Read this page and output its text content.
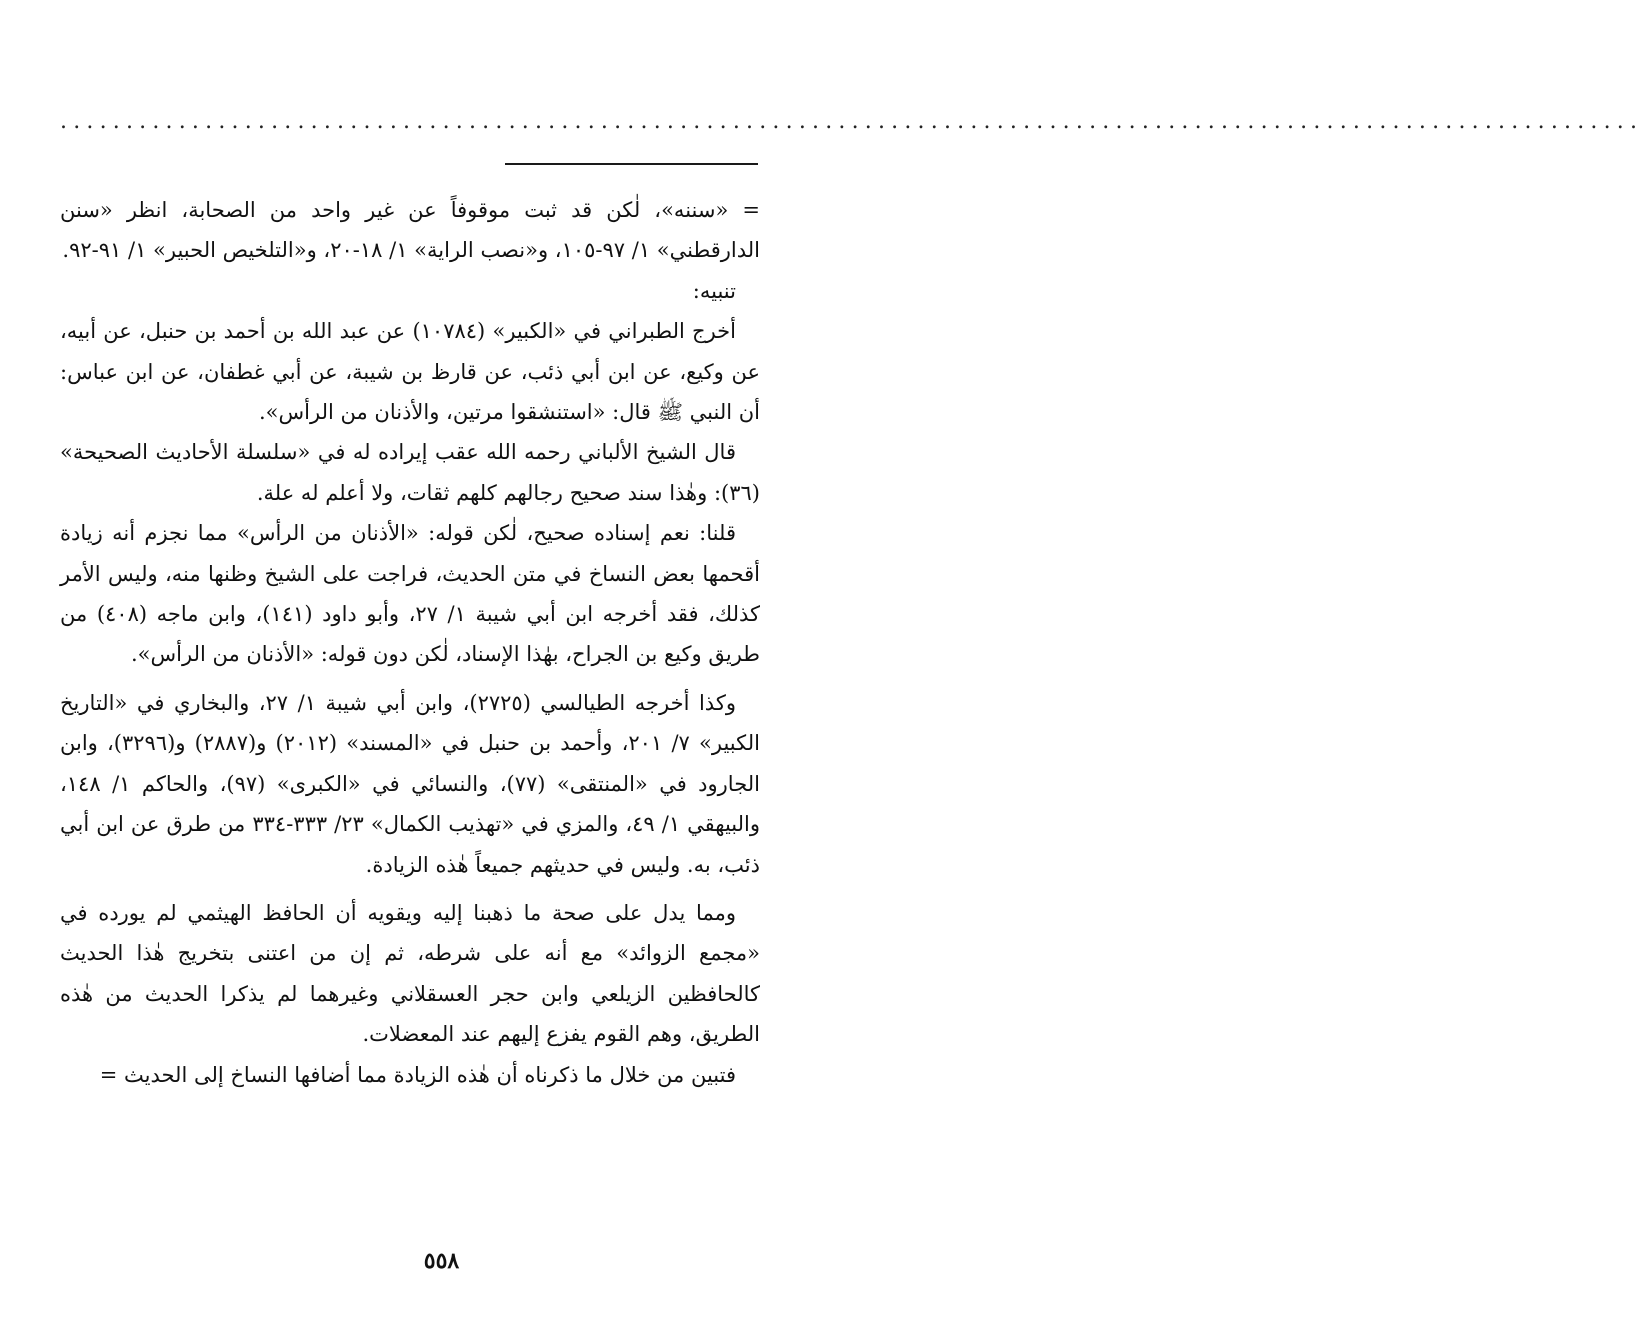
........................................................................................................................

= «سننه»، لٰكن قد ثبت موقوفاً عن غير واحد من الصحابة، انظر «سنن الدارقطني» ١/ ٩٧-١٠٥، و«نصب الراية» ١/ ١٨-٢٠، و«التلخيص الحبير» ١/ ٩١-٩٢.

تنبيه:

أخرج الطبراني في «الكبير» (١٠٧٨٤) عن عبد الله بن أحمد بن حنبل، عن أبيه، عن وكيع، عن ابن أبي ذئب، عن قارظ بن شيبة، عن أبي غطفان، عن ابن عباس: أن النبي ﷺ قال: «استنشقوا مرتين، والأذنان من الرأس».

قال الشيخ الألباني رحمه الله عقب إيراده له في «سلسلة الأحاديث الصحيحة» (٣٦): وهٰذا سند صحيح رجالهم كلهم ثقات، ولا أعلم له علة.

قلنا: نعم إسناده صحيح، لٰكن قوله: «الأذنان من الرأس» مما نجزم أنه زيادة أقحمها بعض النساخ في متن الحديث، فراجت على الشيخ وظنها منه، وليس الأمر كذلك، فقد أخرجه ابن أبي شيبة ١/ ٢٧، وأبو داود (١٤١)، وابن ماجه (٤٠٨) من طريق وكيع بن الجراح، بهٰذا الإسناد، لٰكن دون قوله: «الأذنان من الرأس».

وكذا أخرجه الطيالسي (٢٧٢٥)، وابن أبي شيبة ١/ ٢٧، والبخاري في «التاريخ الكبير» ٧/ ٢٠١، وأحمد بن حنبل في «المسند» (٢٠١٢) و(٢٨٨٧) و(٣٢٩٦)، وابن الجارود في «المنتقى» (٧٧)، والنسائي في «الكبرى» (٩٧)، والحاكم ١/ ١٤٨، والبيهقي ١/ ٤٩، والمزي في «تهذيب الكمال» ٢٣/ ٣٣٣-٣٣٤ من طرق عن ابن أبي ذئب، به. وليس في حديثهم جميعاً هٰذه الزيادة.

ومما يدل على صحة ما ذهبنا إليه ويقويه أن الحافظ الهيثمي لم يورده في «مجمع الزوائد» مع أنه على شرطه، ثم إن من اعتنى بتخريج هٰذا الحديث كالحافظين الزيلعي وابن حجر العسقلاني وغيرهما لم يذكرا الحديث من هٰذه الطريق، وهم القوم يفزع إليهم عند المعضلات.

فتبين من خلال ما ذكرناه أن هٰذه الزيادة مما أضافها النساخ إلى الحديث =

٥٥٨
